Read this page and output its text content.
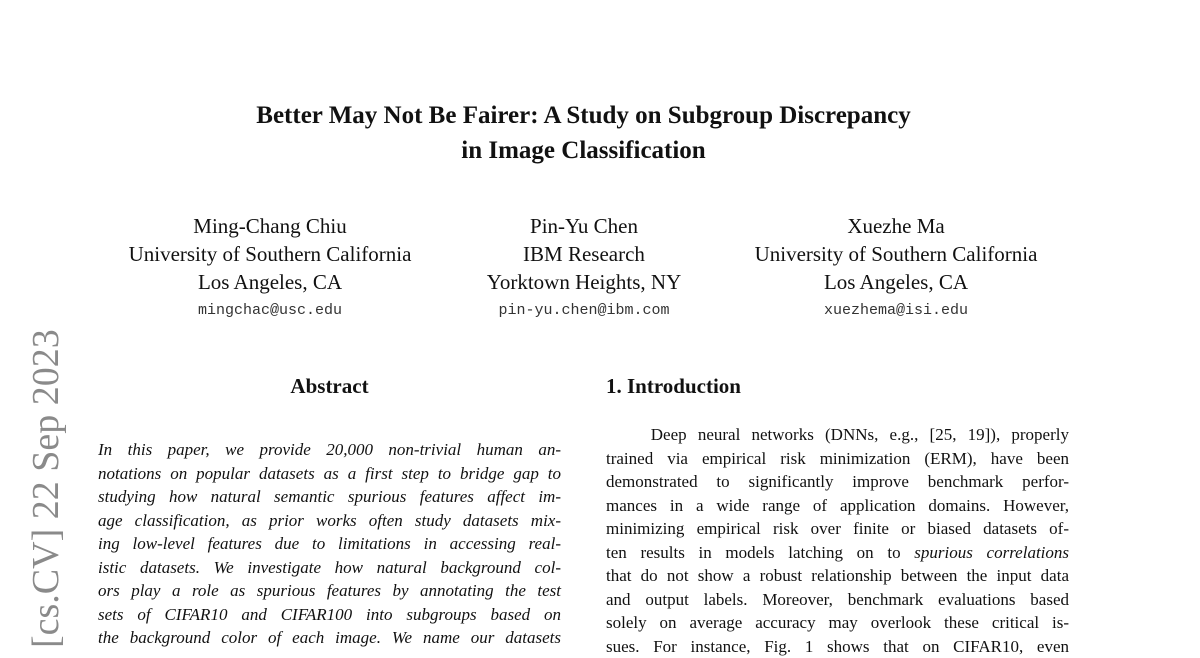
[cs.CV] 22 Sep 2023
Better May Not Be Fairer: A Study on Subgroup Discrepancy
in Image Classification
Ming-Chang Chiu
University of Southern California
Los Angeles, CA
mingchac@usc.edu
Pin-Yu Chen
IBM Research
Yorktown Heights, NY
pin-yu.chen@ibm.com
Xuezhe Ma
University of Southern California
Los Angeles, CA
xuezhema@isi.edu
Abstract
In this paper, we provide 20,000 non-trivial human an-
notations on popular datasets as a first step to bridge gap to
studying how natural semantic spurious features affect im-
age classification, as prior works often study datasets mix-
ing low-level features due to limitations in accessing real-
istic datasets. We investigate how natural background col-
ors play a role as spurious features by annotating the test
sets of CIFAR10 and CIFAR100 into subgroups based on
the background color of each image. We name our datasets
1. Introduction
Deep neural networks (DNNs, e.g., [25, 19]), properly
trained via empirical risk minimization (ERM), have been
demonstrated to significantly improve benchmark perfor-
mances in a wide range of application domains. However,
minimizing empirical risk over finite or biased datasets of-
ten results in models latching on to spurious correlations
that do not show a robust relationship between the input data
and output labels. Moreover, benchmark evaluations based
solely on average accuracy may overlook these critical is-
sues. For instance, Fig. 1 shows that on CIFAR10, even
